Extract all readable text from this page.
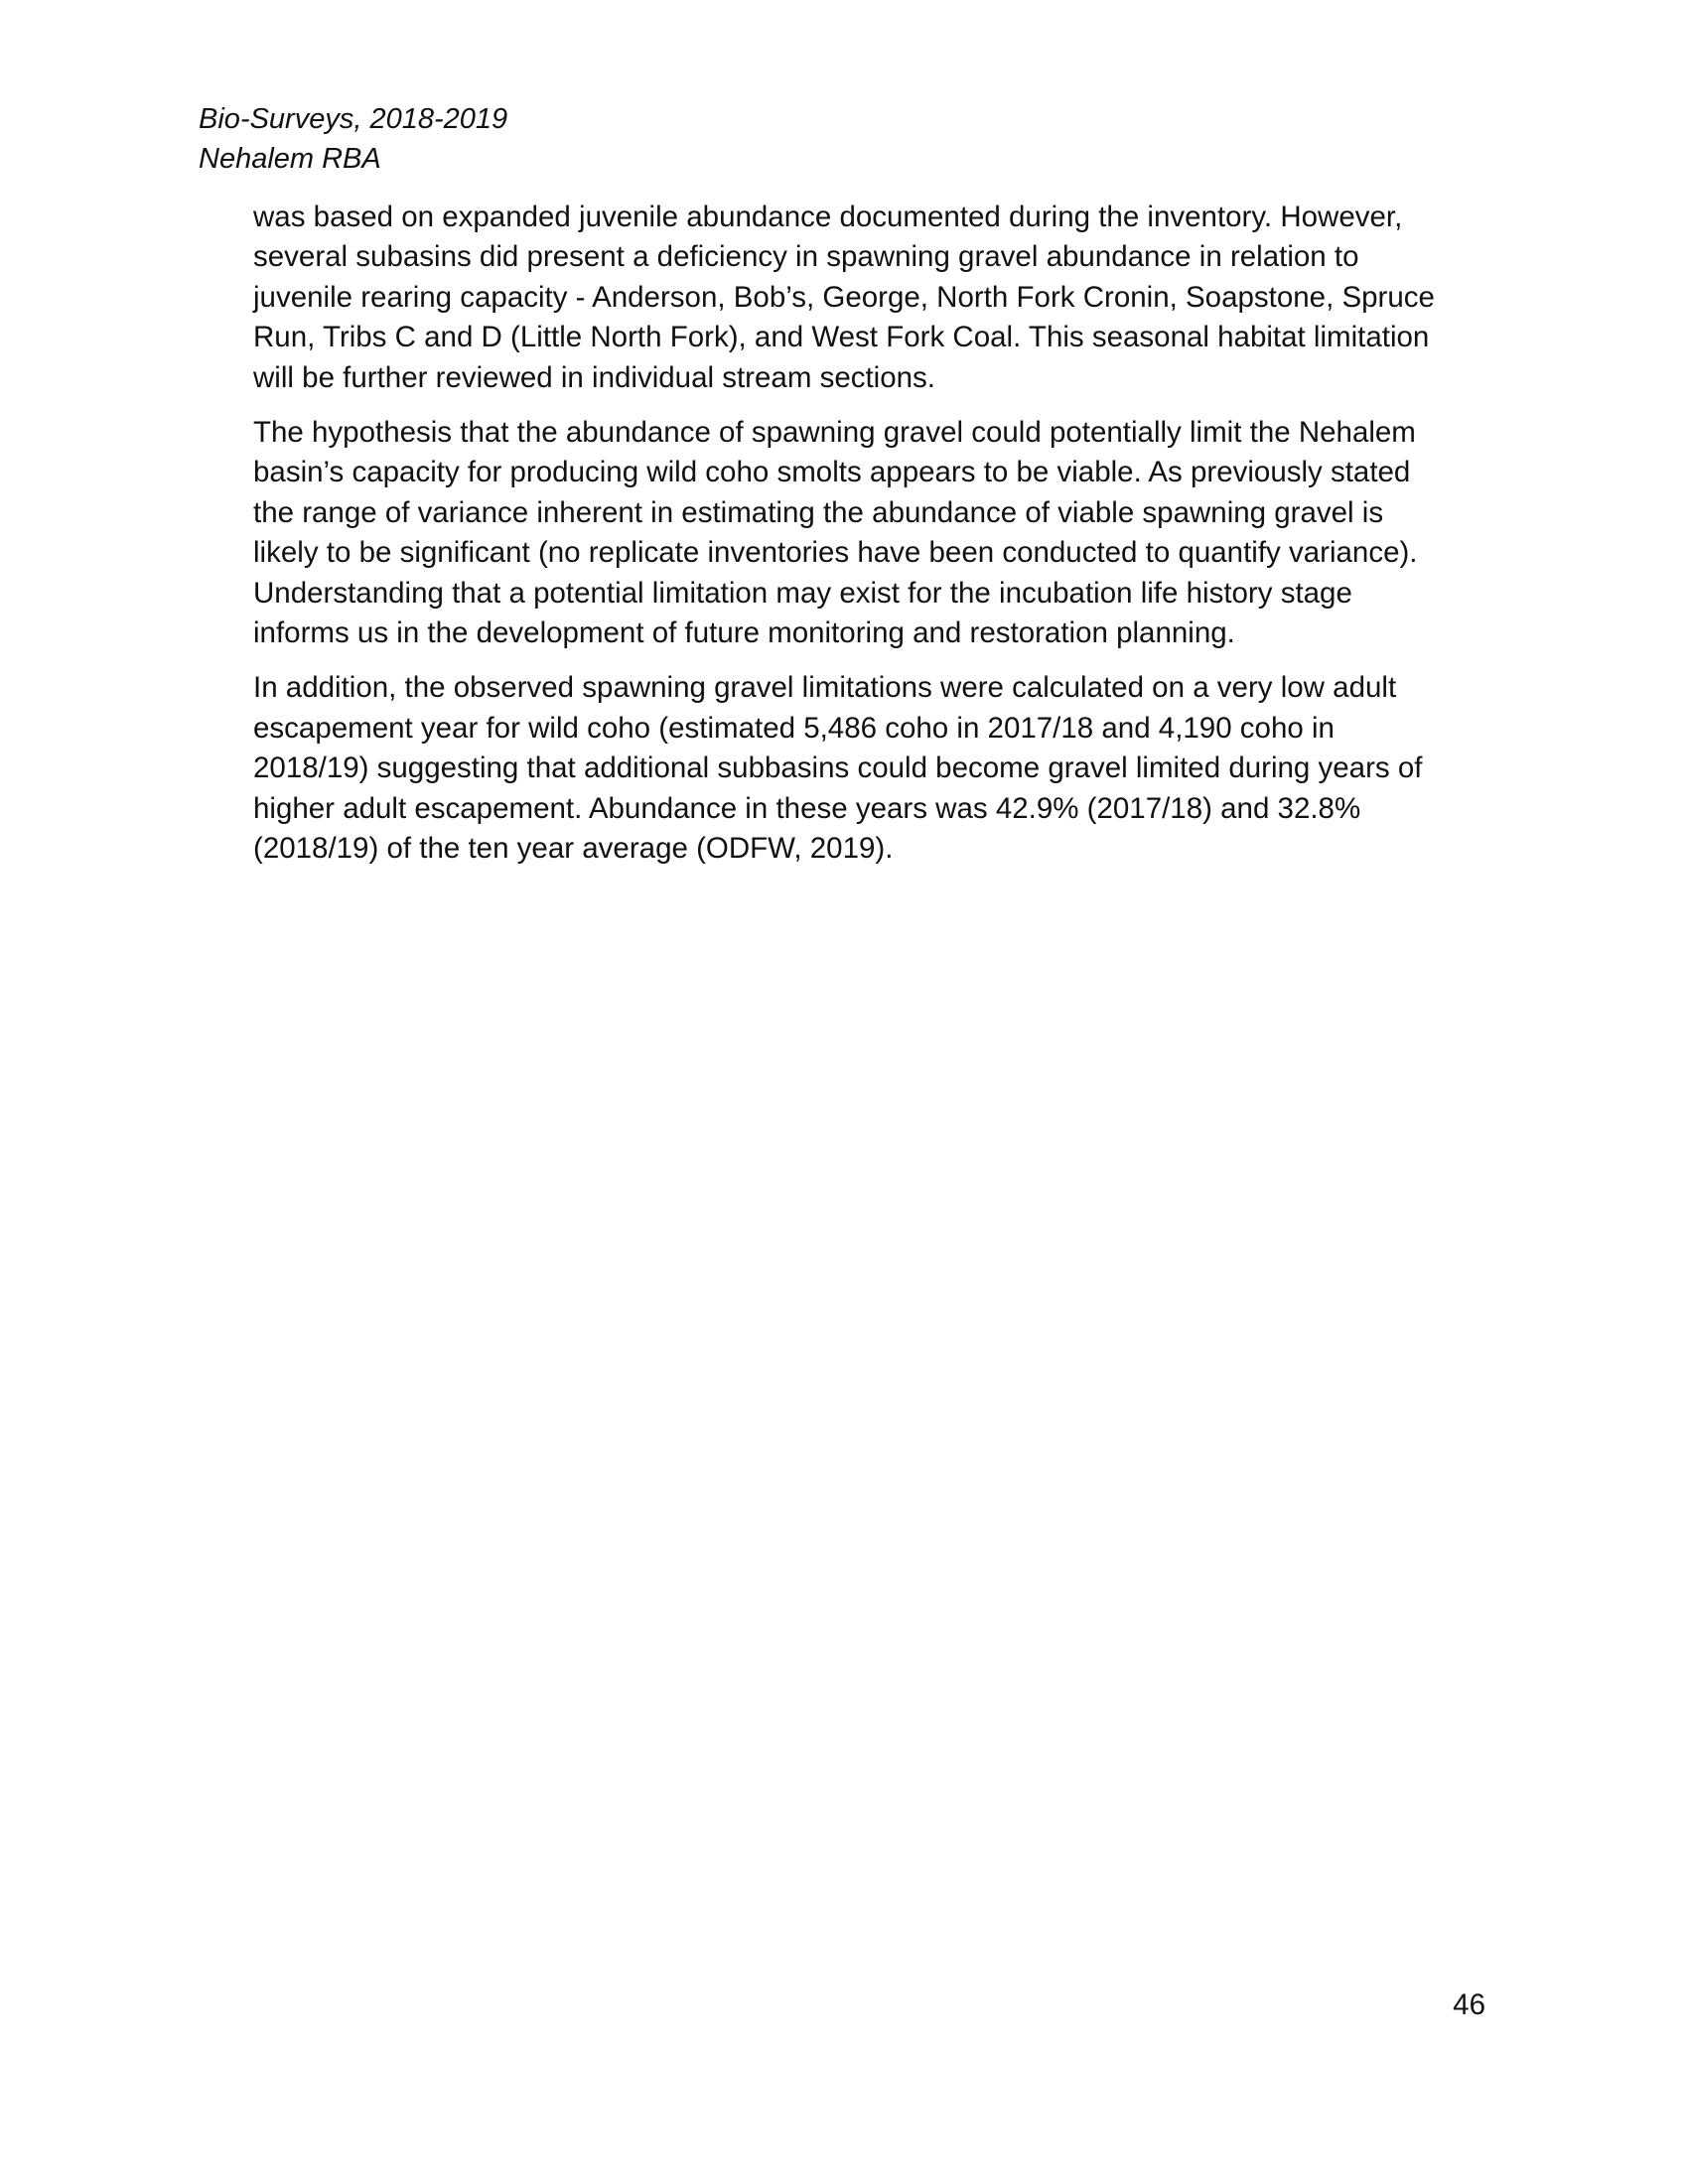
Bio-Surveys, 2018-2019
Nehalem RBA
was based on expanded juvenile abundance documented during the inventory. However,
several subasins did present a deficiency in spawning gravel abundance in relation to
juvenile rearing capacity - Anderson, Bob’s, George, North Fork Cronin, Soapstone, Spruce
Run, Tribs C and D (Little North Fork), and West Fork Coal. This seasonal habitat limitation
will be further reviewed in individual stream sections.
The hypothesis that the abundance of spawning gravel could potentially limit the Nehalem
basin’s capacity for producing wild coho smolts appears to be viable. As previously stated
the range of variance inherent in estimating the abundance of viable spawning gravel is
likely to be significant (no replicate inventories have been conducted to quantify variance).
Understanding that a potential limitation may exist for the incubation life history stage
informs us in the development of future monitoring and restoration planning.
In addition, the observed spawning gravel limitations were calculated on a very low adult
escapement year for wild coho (estimated 5,486 coho in 2017/18 and 4,190 coho in
2018/19) suggesting that additional subbasins could become gravel limited during years of
higher adult escapement. Abundance in these years was 42.9% (2017/18) and 32.8%
(2018/19) of the ten year average (ODFW, 2019).
46
